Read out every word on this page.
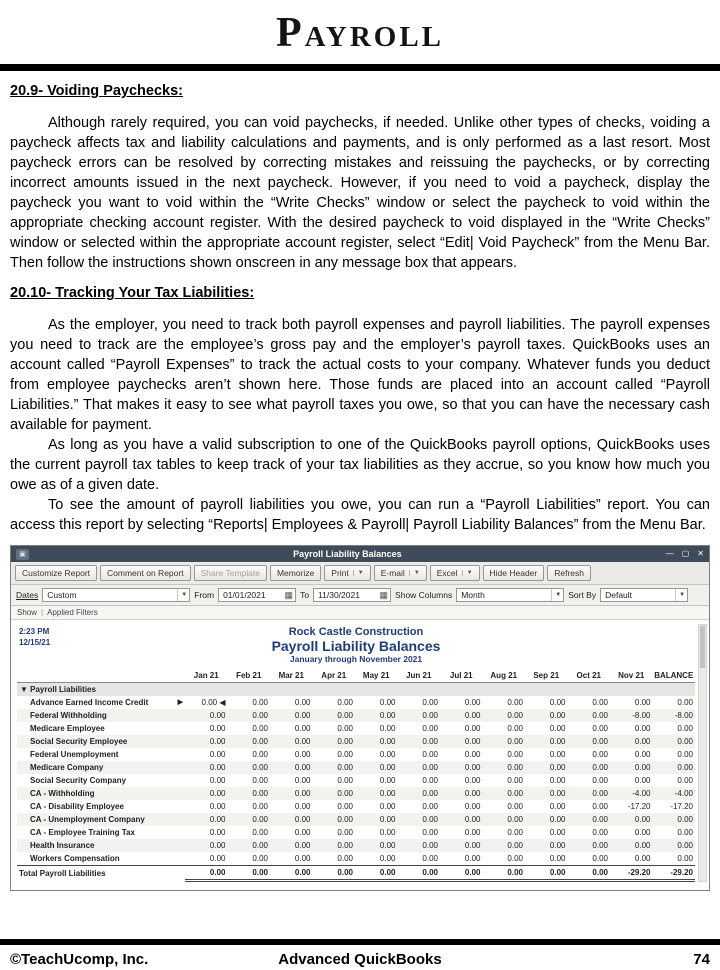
Payroll
20.9- Voiding Paychecks:

Although rarely required, you can void paychecks, if needed. Unlike other types of checks, voiding a paycheck affects tax and liability calculations and payments, and is only performed as a last resort. Most paycheck errors can be resolved by correcting mistakes and reissuing the paychecks, or by correcting incorrect amounts issued in the next paycheck. However, if you need to void a paycheck, display the paycheck you want to void within the “Write Checks” window or select the paycheck to void within the appropriate checking account register. With the desired paycheck to void displayed in the “Write Checks” window or selected within the appropriate account register, select “Edit| Void Paycheck” from the Menu Bar. Then follow the instructions shown onscreen in any message box that appears.

20.10- Tracking Your Tax Liabilities:

As the employer, you need to track both payroll expenses and payroll liabilities. The payroll expenses you need to track are the employee’s gross pay and the employer’s payroll taxes. QuickBooks uses an account called “Payroll Expenses” to track the actual costs to your company. Whatever funds you deduct from employee paychecks aren’t shown here. Those funds are placed into an account called “Payroll Liabilities.” That makes it easy to see what payroll taxes you owe, so that you can have the necessary cash available for payment.

As long as you have a valid subscription to one of the QuickBooks payroll options, QuickBooks uses the current payroll tax tables to keep track of your tax liabilities as they accrue, so you know how much you owe as of a given date.

To see the amount of payroll liabilities you owe, you can run a “Payroll Liabilities” report. You can access this report by selecting “Reports| Employees & Payroll| Payroll Liability Balances” from the Menu Bar.

▣	Payroll Liability Balances	— ▢ ✕
Customize Report Comment on Report Share Template Memorize Print	▼ E-mail	▼ Excel	▼ Hide Header Refresh
Dates Custom	▼ From 01/01/2021 ▦ To 11/30/2021 ▦ Show Columns Month	▼ Sort By Default	▼
Show | Applied Filters
2:23 PM
12/15/21
Rock Castle Construction
Payroll Liability Balances
January through November 2021
	Jan 21	Feb 21	Mar 21	Apr 21	May 21	Jun 21	Jul 21	Aug 21	Sep 21	Oct 21	Nov 21	BALANCE
▼ Payroll Liabilities												
Advance Earned Income Credit ▶	0.00 ◀	0.00	0.00	0.00	0.00	0.00	0.00	0.00	0.00	0.00	0.00	0.00
Federal Withholding	0.00	0.00	0.00	0.00	0.00	0.00	0.00	0.00	0.00	0.00	-8.00	-8.00
Medicare Employee	0.00	0.00	0.00	0.00	0.00	0.00	0.00	0.00	0.00	0.00	0.00	0.00
Social Security Employee	0.00	0.00	0.00	0.00	0.00	0.00	0.00	0.00	0.00	0.00	0.00	0.00
Federal Unemployment	0.00	0.00	0.00	0.00	0.00	0.00	0.00	0.00	0.00	0.00	0.00	0.00
Medicare Company	0.00	0.00	0.00	0.00	0.00	0.00	0.00	0.00	0.00	0.00	0.00	0.00
Social Security Company	0.00	0.00	0.00	0.00	0.00	0.00	0.00	0.00	0.00	0.00	0.00	0.00
CA - Withholding	0.00	0.00	0.00	0.00	0.00	0.00	0.00	0.00	0.00	0.00	-4.00	-4.00
CA - Disability Employee	0.00	0.00	0.00	0.00	0.00	0.00	0.00	0.00	0.00	0.00	-17.20	-17.20
CA - Unemployment Company	0.00	0.00	0.00	0.00	0.00	0.00	0.00	0.00	0.00	0.00	0.00	0.00
CA - Employee Training Tax	0.00	0.00	0.00	0.00	0.00	0.00	0.00	0.00	0.00	0.00	0.00	0.00
Health Insurance	0.00	0.00	0.00	0.00	0.00	0.00	0.00	0.00	0.00	0.00	0.00	0.00
Workers Compensation	0.00	0.00	0.00	0.00	0.00	0.00	0.00	0.00	0.00	0.00	0.00	0.00
Total Payroll Liabilities	0.00	0.00	0.00	0.00	0.00	0.00	0.00	0.00	0.00	0.00	-29.20	-29.20
©TeachUcomp, Inc.	Advanced QuickBooks	74
